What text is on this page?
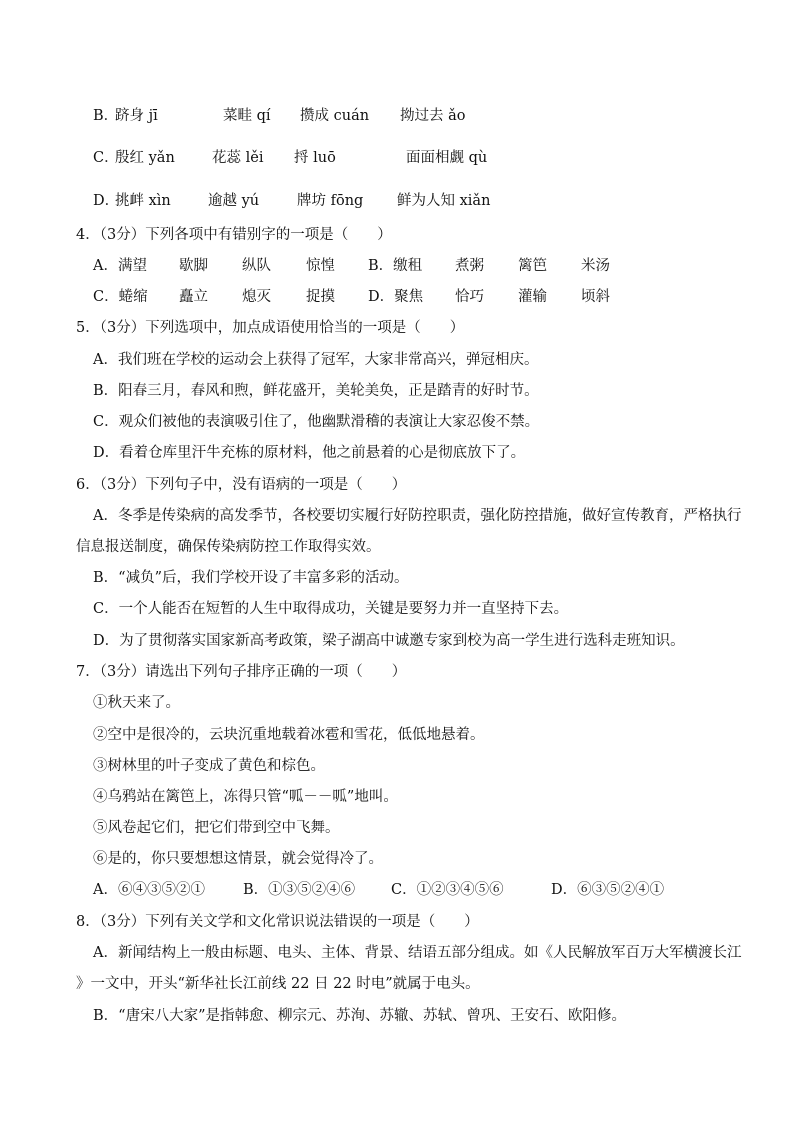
B．
跻身 jī	菜畦 qí 攒成 cuán 拗过去 ǎo
C．
殷红 yǎn	花蕊 lěi 捋 luō	面面相觑 qù
D．
挑衅 xìn	逾越 yú	牌坊 fōng 鲜为人知 xiǎn
4．（3分）下列各项中有错别字的一项是（　　）
A．满望 歇脚 纵队 惊惶 B．缴租 煮粥 篱笆 米汤
C．蜷缩 矗立 熄灭 捉摸 D．聚焦 恰巧 灌输 顷斜
5．（3分）下列选项中，加点成语使用恰当的一项是（　　）
A．我们班在学校的运动会上获得了冠军，大家非常高兴，弹冠相庆。
B．阳春三月，春风和煦，鲜花盛开，美轮美奂，正是踏青的好时节。
C．观众们被他的表演吸引住了，他幽默滑稽的表演让大家忍俊不禁。
D．看着仓库里汗牛充栋的原材料，他之前悬着的心是彻底放下了。
6．（3分）下列句子中，没有语病的一项是（　　）
A．冬季是传染病的高发季节，各校要切实履行好防控职责，强化防控措施，做好宣传教育，严格执行
信息报送制度，确保传染病防控工作取得实效。
B．“减负”后，我们学校开设了丰富多彩的活动。
C．一个人能否在短暂的人生中取得成功，关键是要努力并一直坚持下去。
D．为了贯彻落实国家新高考政策，梁子湖高中诚邀专家到校为高一学生进行选科走班知识。
7．（3分）请选出下列句子排序正确的一项（　　）
①秋天来了。
②空中是很冷的，云块沉重地载着冰雹和雪花，低低地悬着。
③树林里的叶子变成了黄色和棕色。
④乌鸦站在篱笆上，冻得只管“呱－－呱”地叫。
⑤风卷起它们，把它们带到空中飞舞。
⑥是的，你只要想想这情景，就会觉得冷了。
A．⑥④③⑤②①	B．①③⑤②④⑥ C．①②③④⑤⑥	D．⑥③⑤②④①
8．（3分）下列有关文学和文化常识说法错误的一项是（　　）
A．新闻结构上一般由标题、电头、主体、背景、结语五部分组成。如《人民解放军百万大军横渡长江
》一文中，开头“新华社长江前线 22 日 22 时电”就属于电头。
B．“唐宋八大家”是指韩愈、柳宗元、苏洵、苏辙、苏轼、曾巩、王安石、欧阳修。
